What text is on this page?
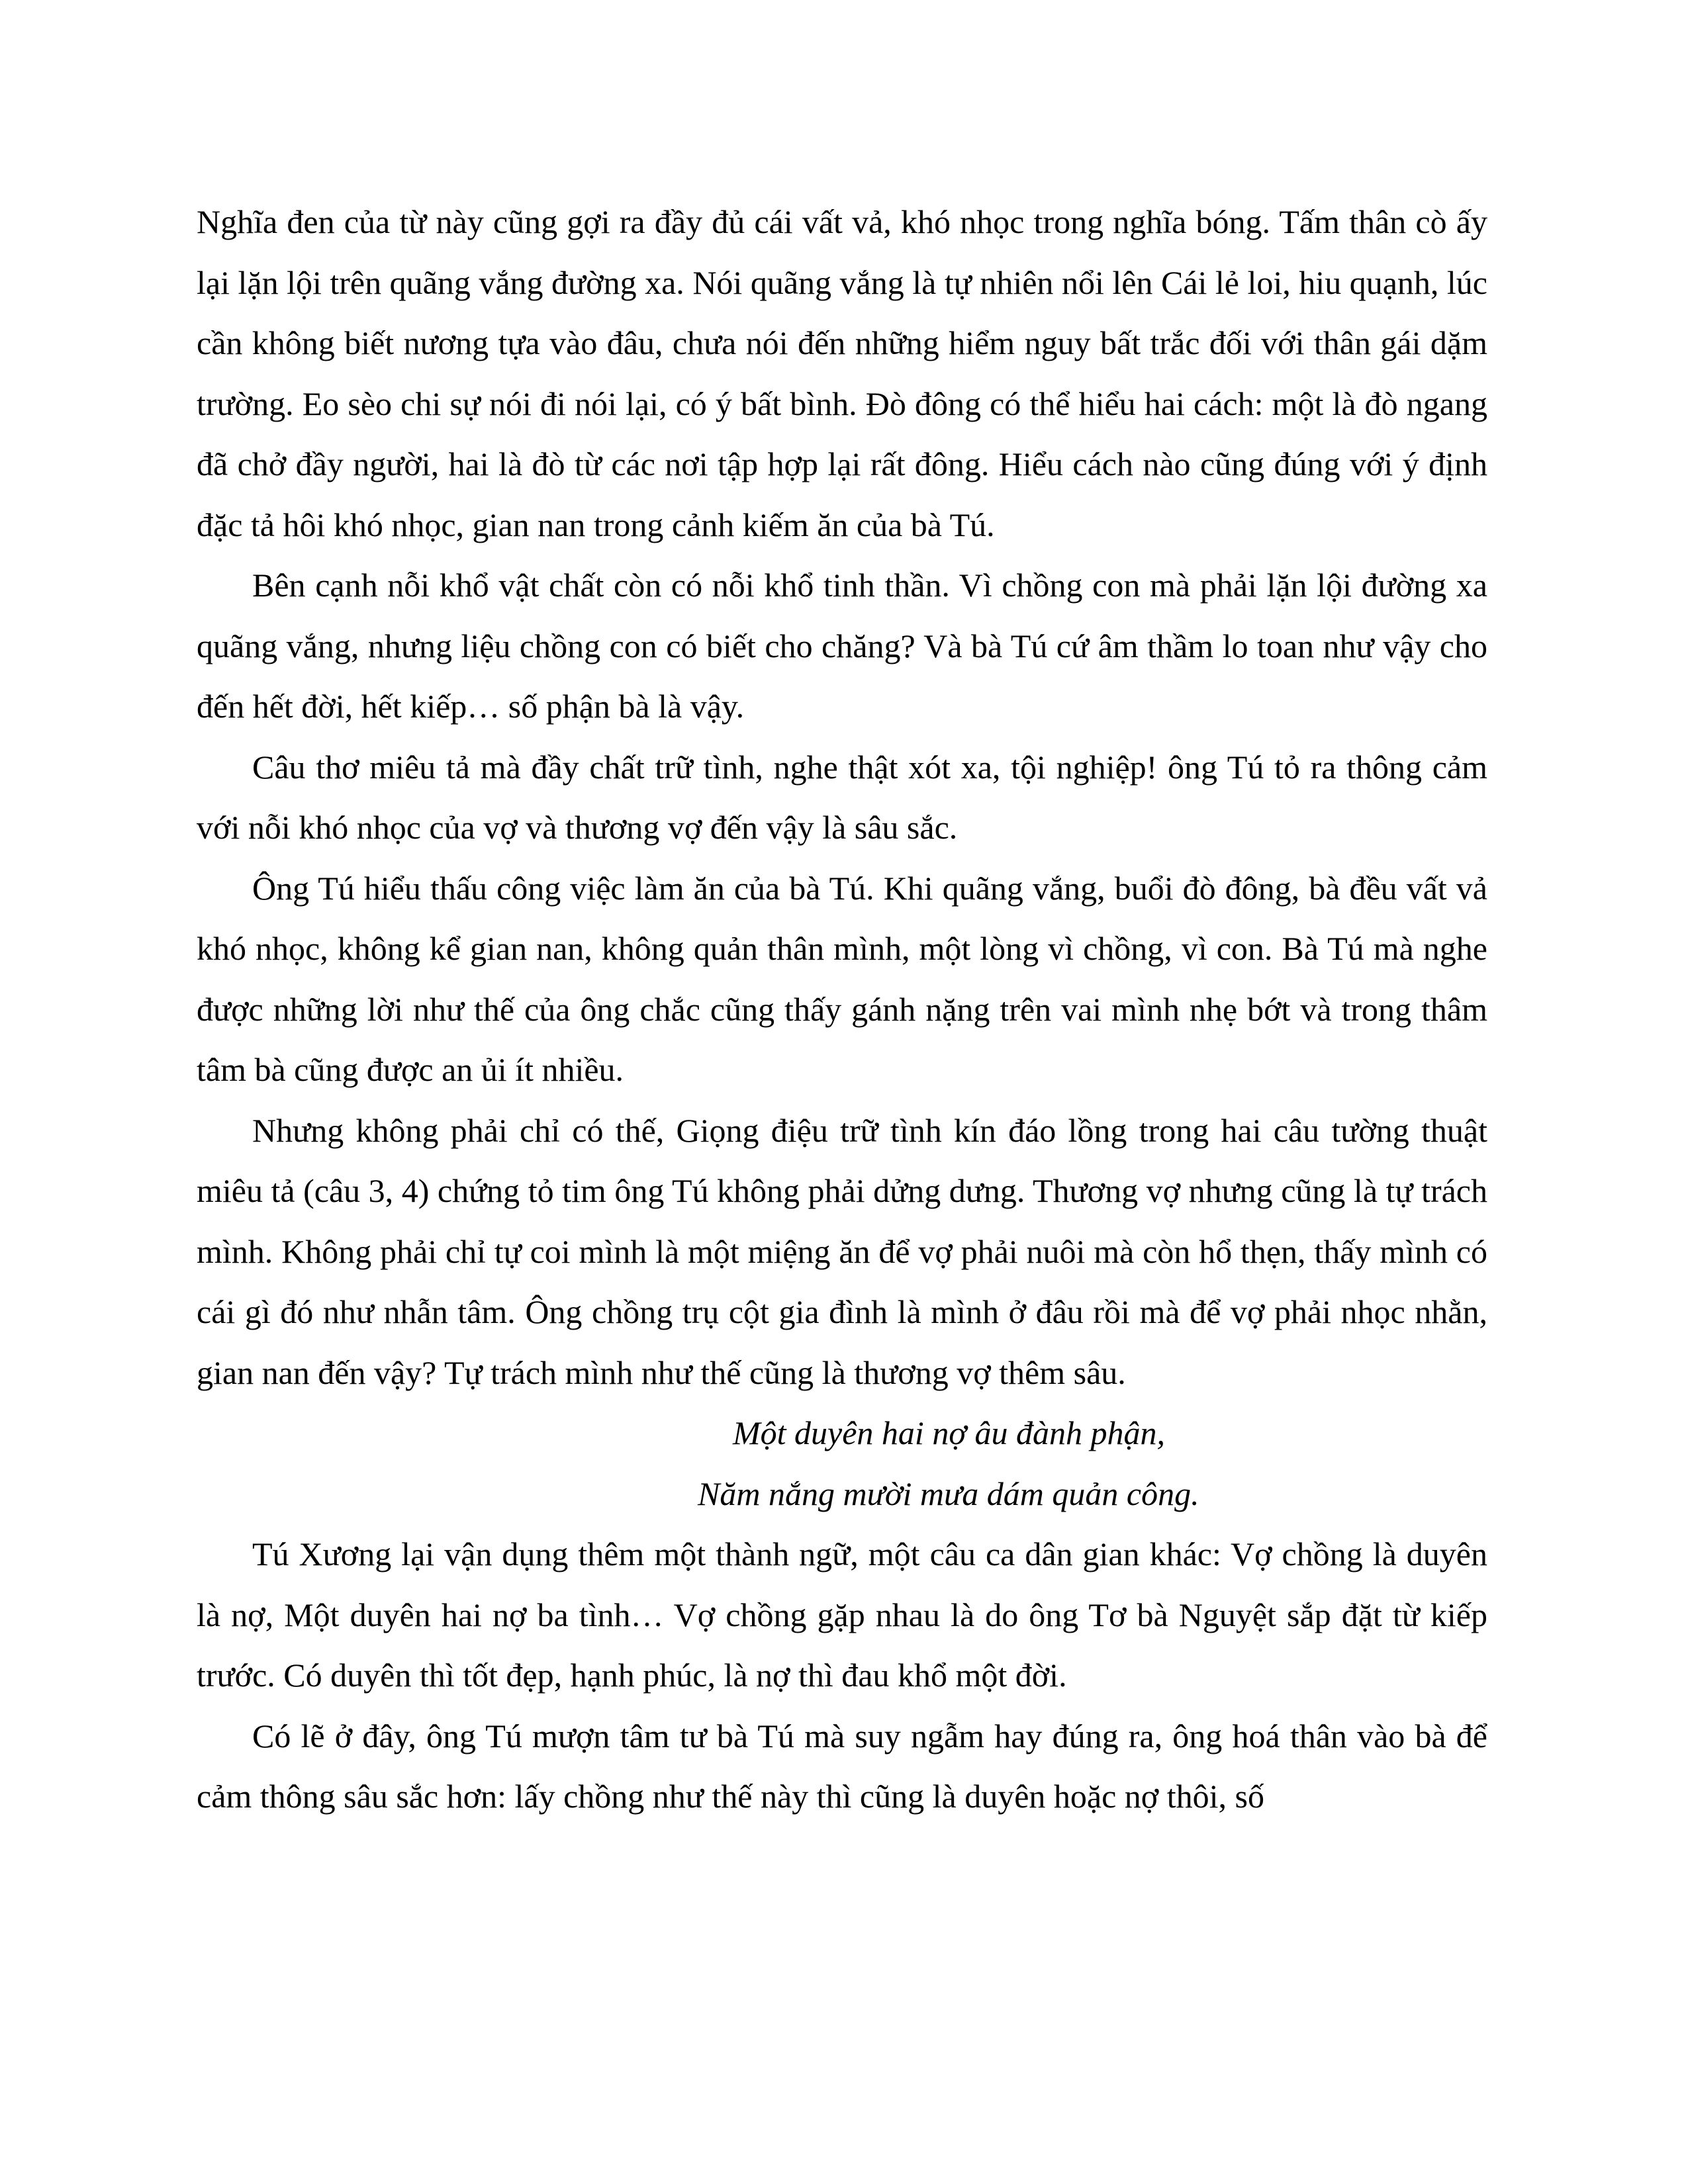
Nghĩa đen của từ này cũng gợi ra đầy đủ cái vất vả, khó nhọc trong nghĩa bóng. Tấm thân cò ấy lại lặn lội trên quãng vắng đường xa. Nói quãng vắng là tự nhiên nổi lên Cái lẻ loi, hiu quạnh, lúc cần không biết nương tựa vào đâu, chưa nói đến những hiểm nguy bất trắc đối với thân gái dặm trường. Eo sèo chi sự nói đi nói lại, có ý bất bình. Đò đông có thể hiểu hai cách: một là đò ngang đã chở đầy người, hai là đò từ các nơi tập hợp lại rất đông. Hiểu cách nào cũng đúng với ý định đặc tả hôi khó nhọc, gian nan trong cảnh kiếm ăn của bà Tú.

Bên cạnh nỗi khổ vật chất còn có nỗi khổ tinh thần. Vì chồng con mà phải lặn lội đường xa quãng vắng, nhưng liệu chồng con có biết cho chăng? Và bà Tú cứ âm thầm lo toan như vậy cho đến hết đời, hết kiếp… số phận bà là vậy.

Câu thơ miêu tả mà đầy chất trữ tình, nghe thật xót xa, tội nghiệp! ông Tú tỏ ra thông cảm với nỗi khó nhọc của vợ và thương vợ đến vậy là sâu sắc.

Ông Tú hiểu thấu công việc làm ăn của bà Tú. Khi quãng vắng, buổi đò đông, bà đều vất vả khó nhọc, không kể gian nan, không quản thân mình, một lòng vì chồng, vì con. Bà Tú mà nghe được những lời như thế của ông chắc cũng thấy gánh nặng trên vai mình nhẹ bớt và trong thâm tâm bà cũng được an ủi ít nhiều.

Nhưng không phải chỉ có thế, Giọng điệu trữ tình kín đáo lồng trong hai câu tường thuật miêu tả (câu 3, 4) chứng tỏ tim ông Tú không phải dửng dưng. Thương vợ nhưng cũng là tự trách mình. Không phải chỉ tự coi mình là một miệng ăn để vợ phải nuôi mà còn hổ thẹn, thấy mình có cái gì đó như nhẫn tâm. Ông chồng trụ cột gia đình là mình ở đâu rồi mà để vợ phải nhọc nhằn, gian nan đến vậy? Tự trách mình như thế cũng là thương vợ thêm sâu.

Một duyên hai nợ âu đành phận,
Năm nắng mười mưa dám quản công.

Tú Xương lại vận dụng thêm một thành ngữ, một câu ca dân gian khác: Vợ chồng là duyên là nợ, Một duyên hai nợ ba tình… Vợ chồng gặp nhau là do ông Tơ bà Nguyệt sắp đặt từ kiếp trước. Có duyên thì tốt đẹp, hạnh phúc, là nợ thì đau khổ một đời.

Có lẽ ở đây, ông Tú mượn tâm tư bà Tú mà suy ngẫm hay đúng ra, ông hoá thân vào bà để cảm thông sâu sắc hơn: lấy chồng như thế này thì cũng là duyên hoặc nợ thôi, số
